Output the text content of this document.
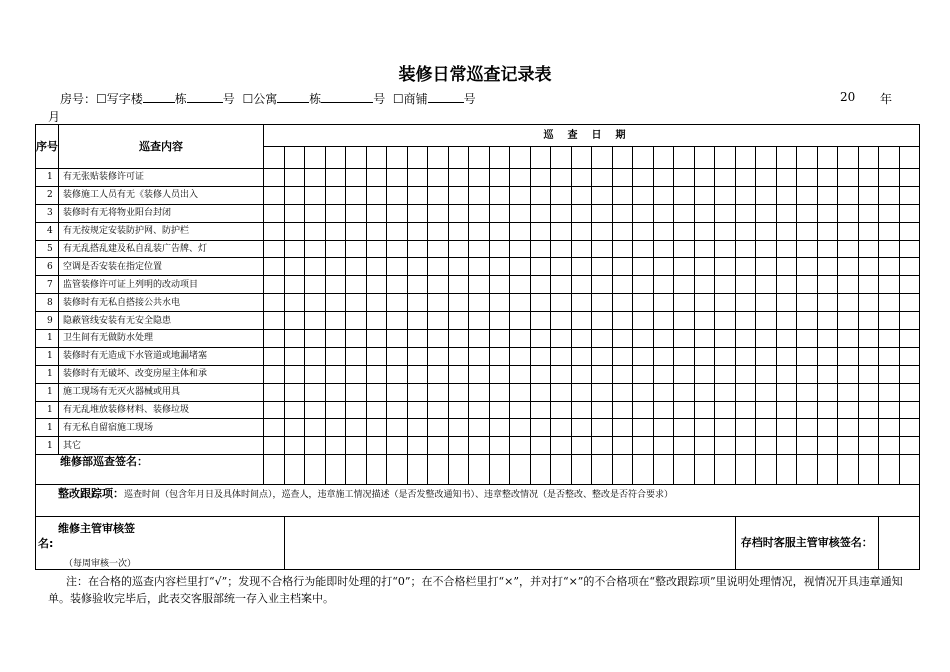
装修日常巡查记录表
房号：☐写字楼	栋	号 ☐公寓	栋	号 ☐商铺	号	20 年
月
序号	巡查内容	巡查日期																															

1	有无张贴装修许可证																																
2	装修施工人员有无《装修人员出入																																
3	装修时有无将物业阳台封闭																																
4	有无按规定安装防护网、防护栏																																
5	有无乱搭乱建及私自乱装广告牌、灯																																
6	空调是否安装在指定位置																																
7	监管装修许可证上列明的改动项目																																
8	装修时有无私自搭接公共水电																																
9	隐蔽管线安装有无安全隐患																																
1	卫生间有无做防水处理																																
1	装修时有无造成下水管道或地漏堵塞																																
1	装修时有无破坏、改变房屋主体和承																																
1	施工现场有无灭火器械或用具																																
1	有无乱堆放装修材料、装修垃圾																																
1	有无私自留宿施工现场																																
1	其它																																
维修部巡查签名：																																	
整改跟踪项：巡查时间（包含年月日及具体时间点），巡查人，违章施工情况描述（是否发整改通知书）、违章整改情况（是否整改、整改是否符合要求）																																	

维修主管审核签
名:
（每周审核一次）																									存档时客服主管审核签名：								
注：在合格的巡查内容栏里打“√”；发现不合格行为能即时处理的打“0”；在不合格栏里打“×”，并对打“×”的不合格项在“整改跟踪项”里说明处理情况，视情况开具违章通知单。装修验收完毕后，此表交客服部统一存入业主档案中。
